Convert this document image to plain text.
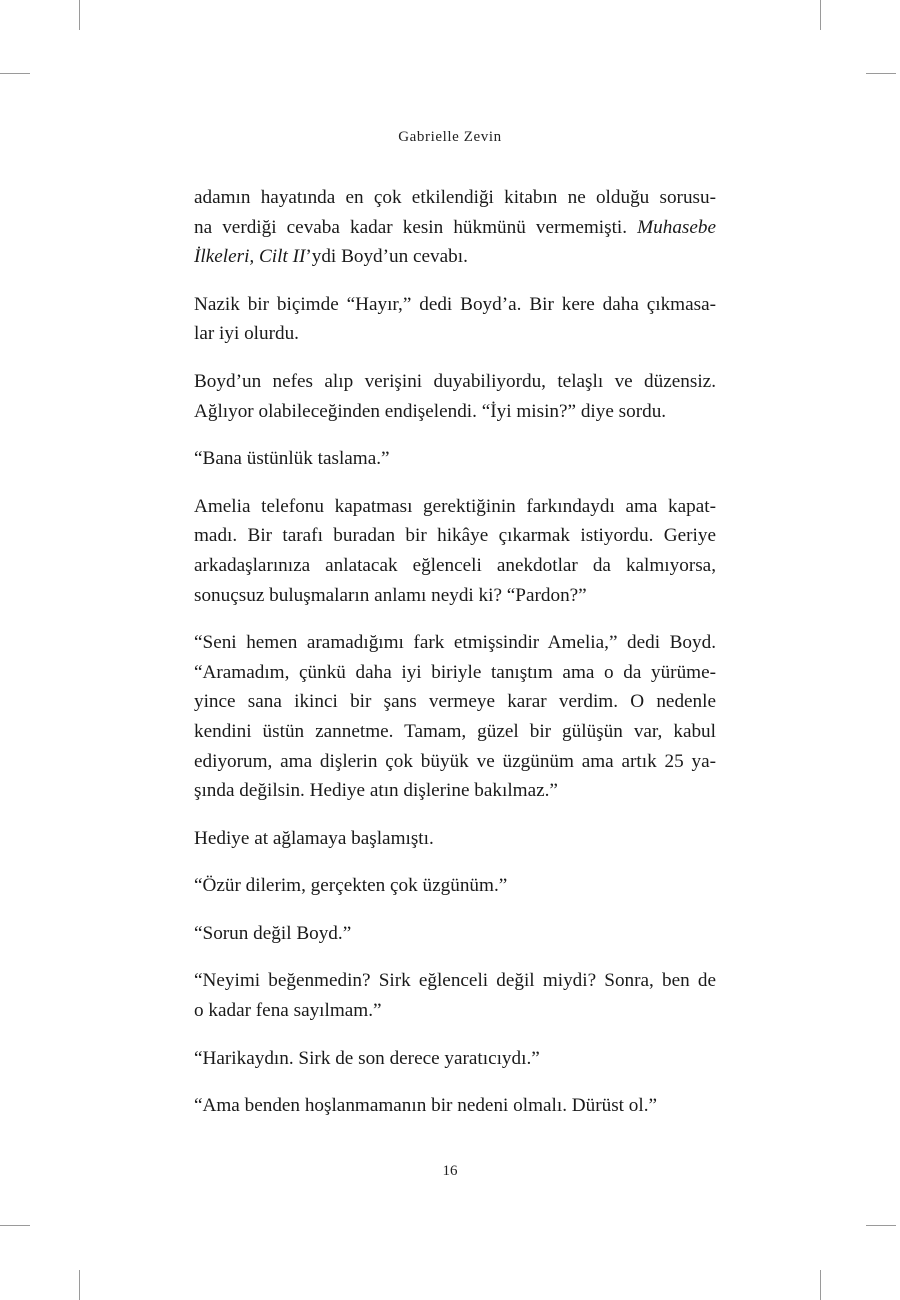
Gabrielle Zevin
adamın hayatında en çok etkilendiği kitabın ne olduğu sorusu-
na verdiği cevaba kadar kesin hükmünü vermemişti. Muhasebe
İlkeleri, Cilt II’ydi Boyd’un cevabı.
Nazik bir biçimde “Hayır,” dedi Boyd’a. Bir kere daha çıkmasa-
lar iyi olurdu.
Boyd’un nefes alıp verişini duyabiliyordu, telaşlı ve düzensiz.
Ağlıyor olabileceğinden endişelendi. “İyi misin?” diye sordu.
“Bana üstünlük taslama.”
Amelia telefonu kapatması gerektiğinin farkındaydı ama kapat-
madı. Bir tarafı buradan bir hikâye çıkarmak istiyordu. Geriye
arkadaşlarınıza anlatacak eğlenceli anekdotlar da kalmıyorsa,
sonuçsuz buluşmaların anlamı neydi ki? “Pardon?”
“Seni hemen aramadığımı fark etmişsindir Amelia,” dedi Boyd.
“Aramadım, çünkü daha iyi biriyle tanıştım ama o da yürüme-
yince sana ikinci bir şans vermeye karar verdim. O nedenle
kendini üstün zannetme. Tamam, güzel bir gülüşün var, kabul
ediyorum, ama dişlerin çok büyük ve üzgünüm ama artık 25 ya-
şında değilsin. Hediye atın dişlerine bakılmaz.”
Hediye at ağlamaya başlamıştı.
“Özür dilerim, gerçekten çok üzgünüm.”
“Sorun değil Boyd.”
“Neyimi beğenmedin? Sirk eğlenceli değil miydi? Sonra, ben de
o kadar fena sayılmam.”
“Harikaydın. Sirk de son derece yaratıcıydı.”
“Ama benden hoşlanmamanın bir nedeni olmalı. Dürüst ol.”
16
